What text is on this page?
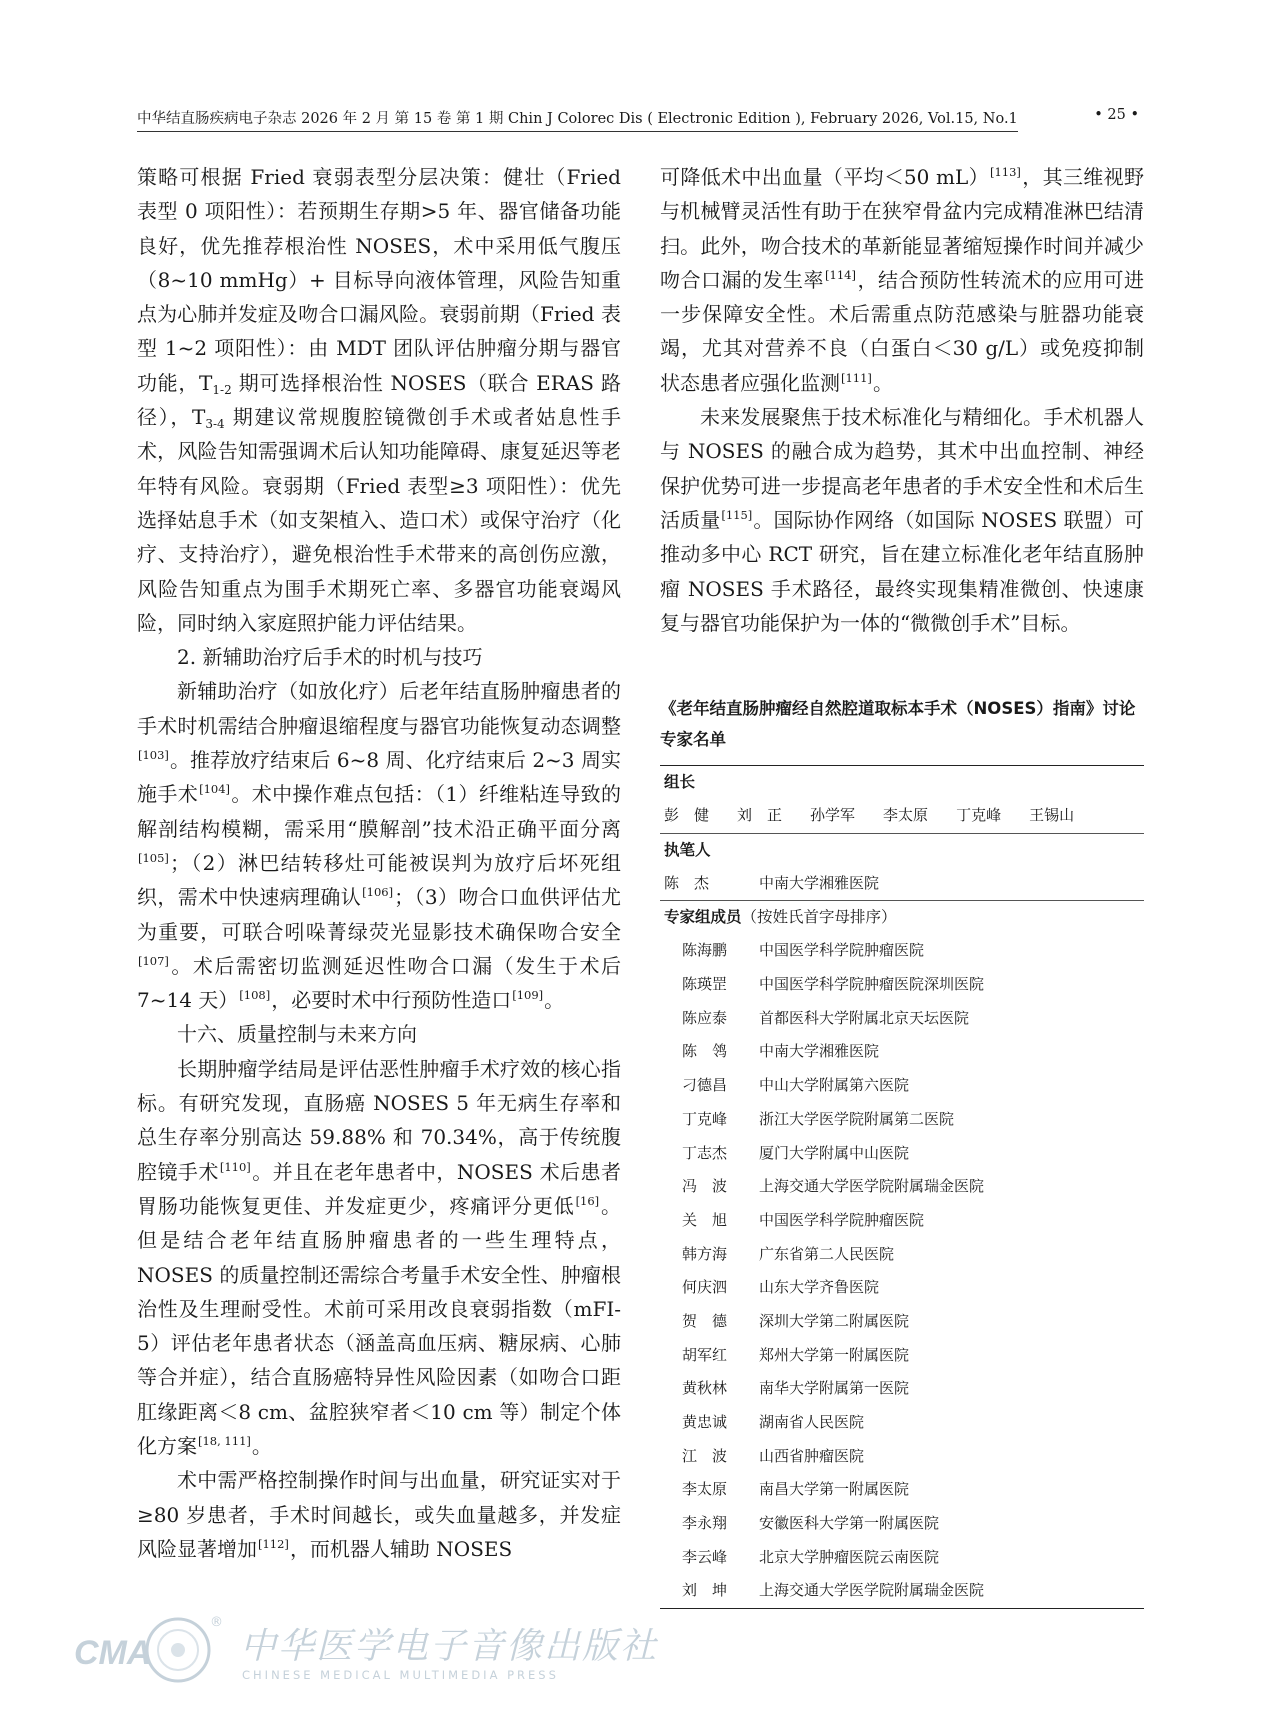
中华结直肠疾病电子杂志 2026 年 2 月 第 15 卷 第 1 期 Chin J Colorec Dis ( Electronic Edition ), February 2026, Vol.15, No.1	• 25 •

策略可根据 Fried 衰弱表型分层决策：健壮（Fried 表型 0 项阳性）：若预期生存期>5 年、器官储备功能良好，优先推荐根治性 NOSES，术中采用低气腹压（8~10 mmHg）+ 目标导向液体管理，风险告知重点为心肺并发症及吻合口漏风险。衰弱前期（Fried 表型 1~2 项阳性）：由 MDT 团队评估肿瘤分期与器官功能，$T_{1-2}$ 期可选择根治性 NOSES（联合 ERAS 路径），$T_{3-4}$ 期建议常规腹腔镜微创手术或者姑息性手术，风险告知需强调术后认知功能障碍、康复延迟等老年特有风险。衰弱期（Fried 表型≥3 项阳性）：优先选择姑息手术（如支架植入、造口术）或保守治疗（化疗、支持治疗），避免根治性手术带来的高创伤应激，风险告知重点为围手术期死亡率、多器官功能衰竭风险，同时纳入家庭照护能力评估结果。

2. 新辅助治疗后手术的时机与技巧

新辅助治疗（如放化疗）后老年结直肠肿瘤患者的手术时机需结合肿瘤退缩程度与器官功能恢复动态调整[103]。推荐放疗结束后 6~8 周、化疗结束后 2~3 周实施手术[104]。术中操作难点包括：（1）纤维粘连导致的解剖结构模糊，需采用“膜解剖”技术沿正确平面分离[105]；（2）淋巴结转移灶可能被误判为放疗后坏死组织，需术中快速病理确认[106]；（3）吻合口血供评估尤为重要，可联合吲哚菁绿荧光显影技术确保吻合安全[107]。术后需密切监测延迟性吻合口漏（发生于术后 7~14 天）[108]，必要时术中行预防性造口[109]。

十六、质量控制与未来方向

长期肿瘤学结局是评估恶性肿瘤手术疗效的核心指标。有研究发现，直肠癌 NOSES 5 年无病生存率和总生存率分别高达 59.88% 和 70.34%，高于传统腹腔镜手术[110]。并且在老年患者中，NOSES 术后患者胃肠功能恢复更佳、并发症更少，疼痛评分更低[16]。但是结合老年结直肠肿瘤患者的一些生理特点，NOSES 的质量控制还需综合考量手术安全性、肿瘤根治性及生理耐受性。术前可采用改良衰弱指数（mFI-5）评估老年患者状态（涵盖高血压病、糖尿病、心肺等合并症），结合直肠癌特异性风险因素（如吻合口距肛缘距离＜8 cm、盆腔狭窄者＜10 cm 等）制定个体化方案[18, 111]。

术中需严格控制操作时间与出血量，研究证实对于≥80 岁患者，手术时间越长，或失血量越多，并发症风险显著增加[112]，而机器人辅助 NOSES

可降低术中出血量（平均＜50 mL）[113]，其三维视野与机械臂灵活性有助于在狭窄骨盆内完成精准淋巴结清扫。此外，吻合技术的革新能显著缩短操作时间并减少吻合口漏的发生率[114]，结合预防性转流术的应用可进一步保障安全性。术后需重点防范感染与脏器功能衰竭，尤其对营养不良（白蛋白＜30 g/L）或免疫抑制状态患者应强化监测[111]。

未来发展聚焦于技术标准化与精细化。手术机器人与 NOSES 的融合成为趋势，其术中出血控制、神经保护优势可进一步提高老年患者的手术安全性和术后生活质量[115]。国际协作网络（如国际 NOSES 联盟）可推动多中心 RCT 研究，旨在建立标准化老年结直肠肿瘤 NOSES 手术路径，最终实现集精准微创、快速康复与器官功能保护为一体的“微微创手术”目标。

《老年结直肠肿瘤经自然腔道取标本手术（NOSES）指南》讨论专家名单
组长
彭　健 刘　正 孙学军 李太原 丁克峰 王锡山
执笔人
陈　杰	中南大学湘雅医院
专家组成员（按姓氏首字母排序）
陈海鹏 中国医学科学院肿瘤医院
陈瑛罡 中国医学科学院肿瘤医院深圳医院
陈应泰 首都医科大学附属北京天坛医院
陈　鸰 中南大学湘雅医院
刁德昌 中山大学附属第六医院
丁克峰 浙江大学医学院附属第二医院
丁志杰 厦门大学附属中山医院
冯　波 上海交通大学医学院附属瑞金医院
关　旭 中国医学科学院肿瘤医院
韩方海 广东省第二人民医院
何庆泗 山东大学齐鲁医院
贺　德 深圳大学第二附属医院
胡军红 郑州大学第一附属医院
黄秋林 南华大学附属第一医院
黄忠诚 湖南省人民医院
江　波 山西省肿瘤医院
李太原 南昌大学第一附属医院
李永翔 安徽医科大学第一附属医院
李云峰 北京大学肿瘤医院云南医院
刘　坤 上海交通大学医学院附属瑞金医院
CMA
®
中华医学电子音像出版社
CHINESE MEDICAL MULTIMEDIA PRESS
